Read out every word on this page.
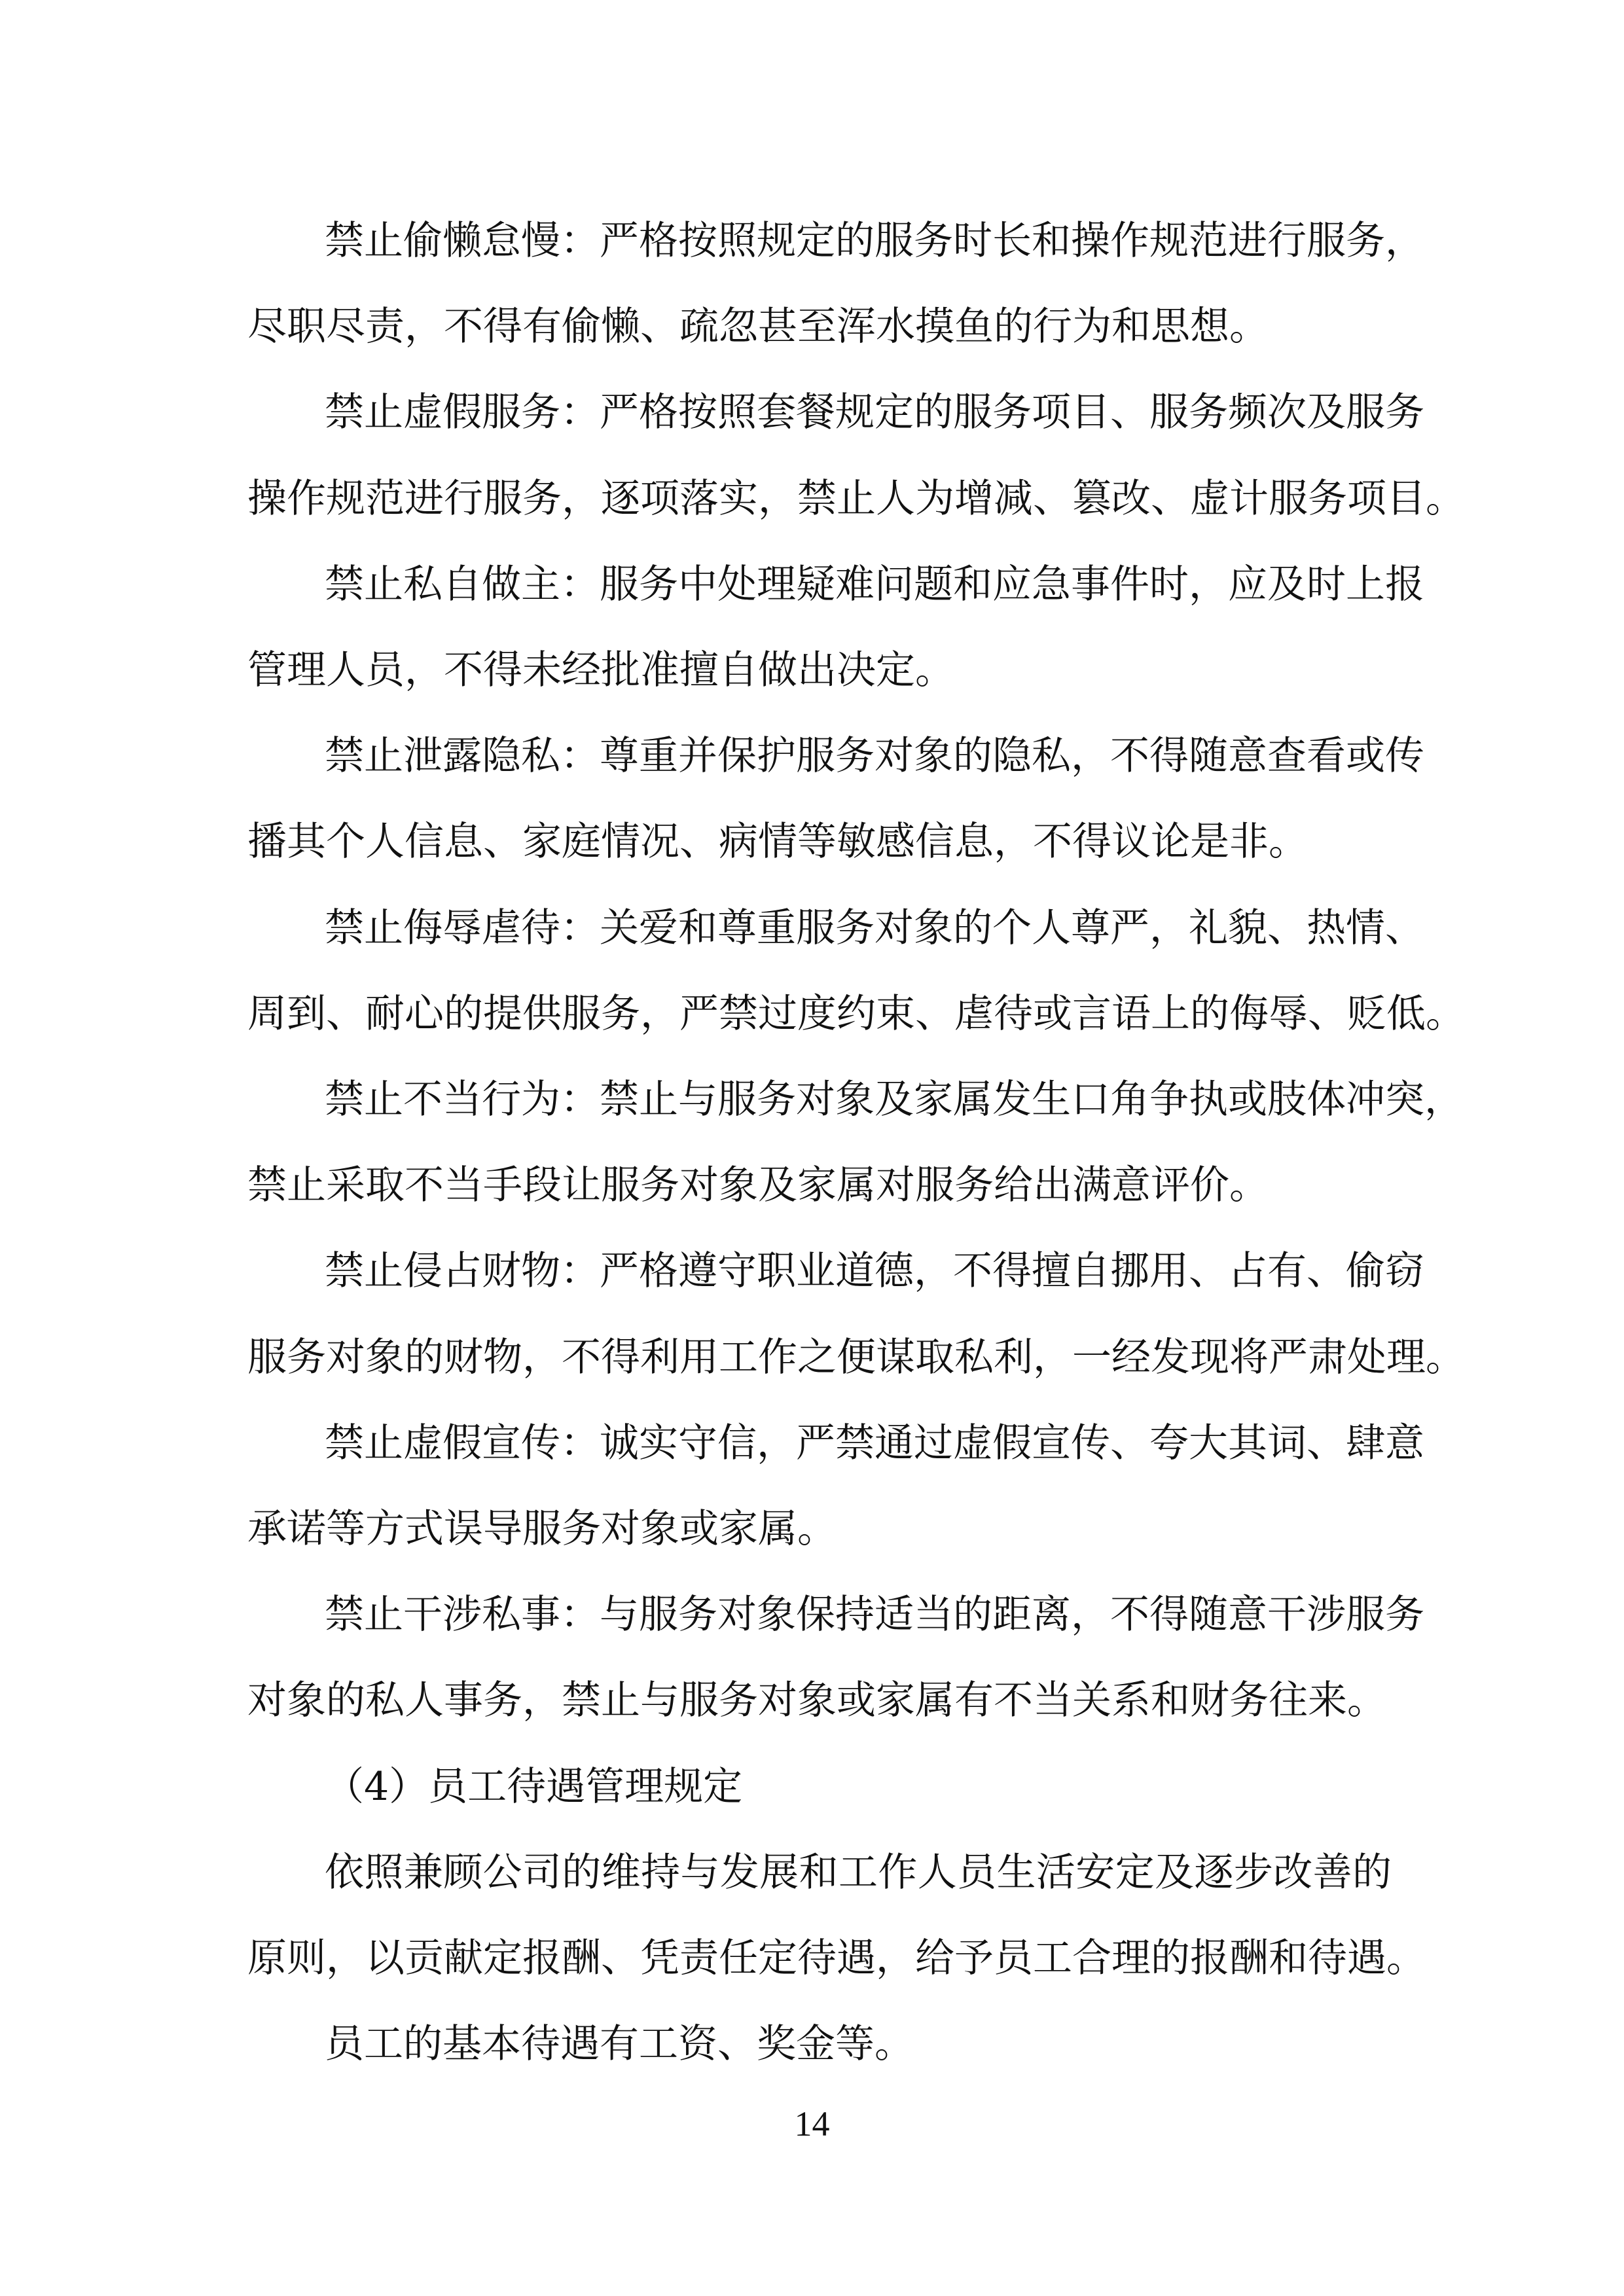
14
禁止偷懒怠慢：严格按照规定的服务时长和操作规范进行服务，
尽职尽责，不得有偷懒、疏忽甚至浑水摸鱼的行为和思想。
禁止虚假服务：严格按照套餐规定的服务项目、服务频次及服务
操作规范进行服务，逐项落实，禁止人为增减、篡改、虚计服务项目。
禁止私自做主：服务中处理疑难问题和应急事件时，应及时上报
管理人员，不得未经批准擅自做出决定。
禁止泄露隐私：尊重并保护服务对象的隐私，不得随意查看或传
播其个人信息、家庭情况、病情等敏感信息，不得议论是非。
禁止侮辱虐待：关爱和尊重服务对象的个人尊严，礼貌、热情、
周到、耐心的提供服务，严禁过度约束、虐待或言语上的侮辱、贬低。
禁止不当行为：禁止与服务对象及家属发生口角争执或肢体冲突，
禁止采取不当手段让服务对象及家属对服务给出满意评价。
禁止侵占财物：严格遵守职业道德，不得擅自挪用、占有、偷窃
服务对象的财物，不得利用工作之便谋取私利，一经发现将严肃处理。
禁止虚假宣传：诚实守信，严禁通过虚假宣传、夸大其词、肆意
承诺等方式误导服务对象或家属。
禁止干涉私事：与服务对象保持适当的距离，不得随意干涉服务
对象的私人事务，禁止与服务对象或家属有不当关系和财务往来。
（4）员工待遇管理规定
依照兼顾公司的维持与发展和工作人员生活安定及逐步改善的
原则，以贡献定报酬、凭责任定待遇，给予员工合理的报酬和待遇。
员工的基本待遇有工资、奖金等。
